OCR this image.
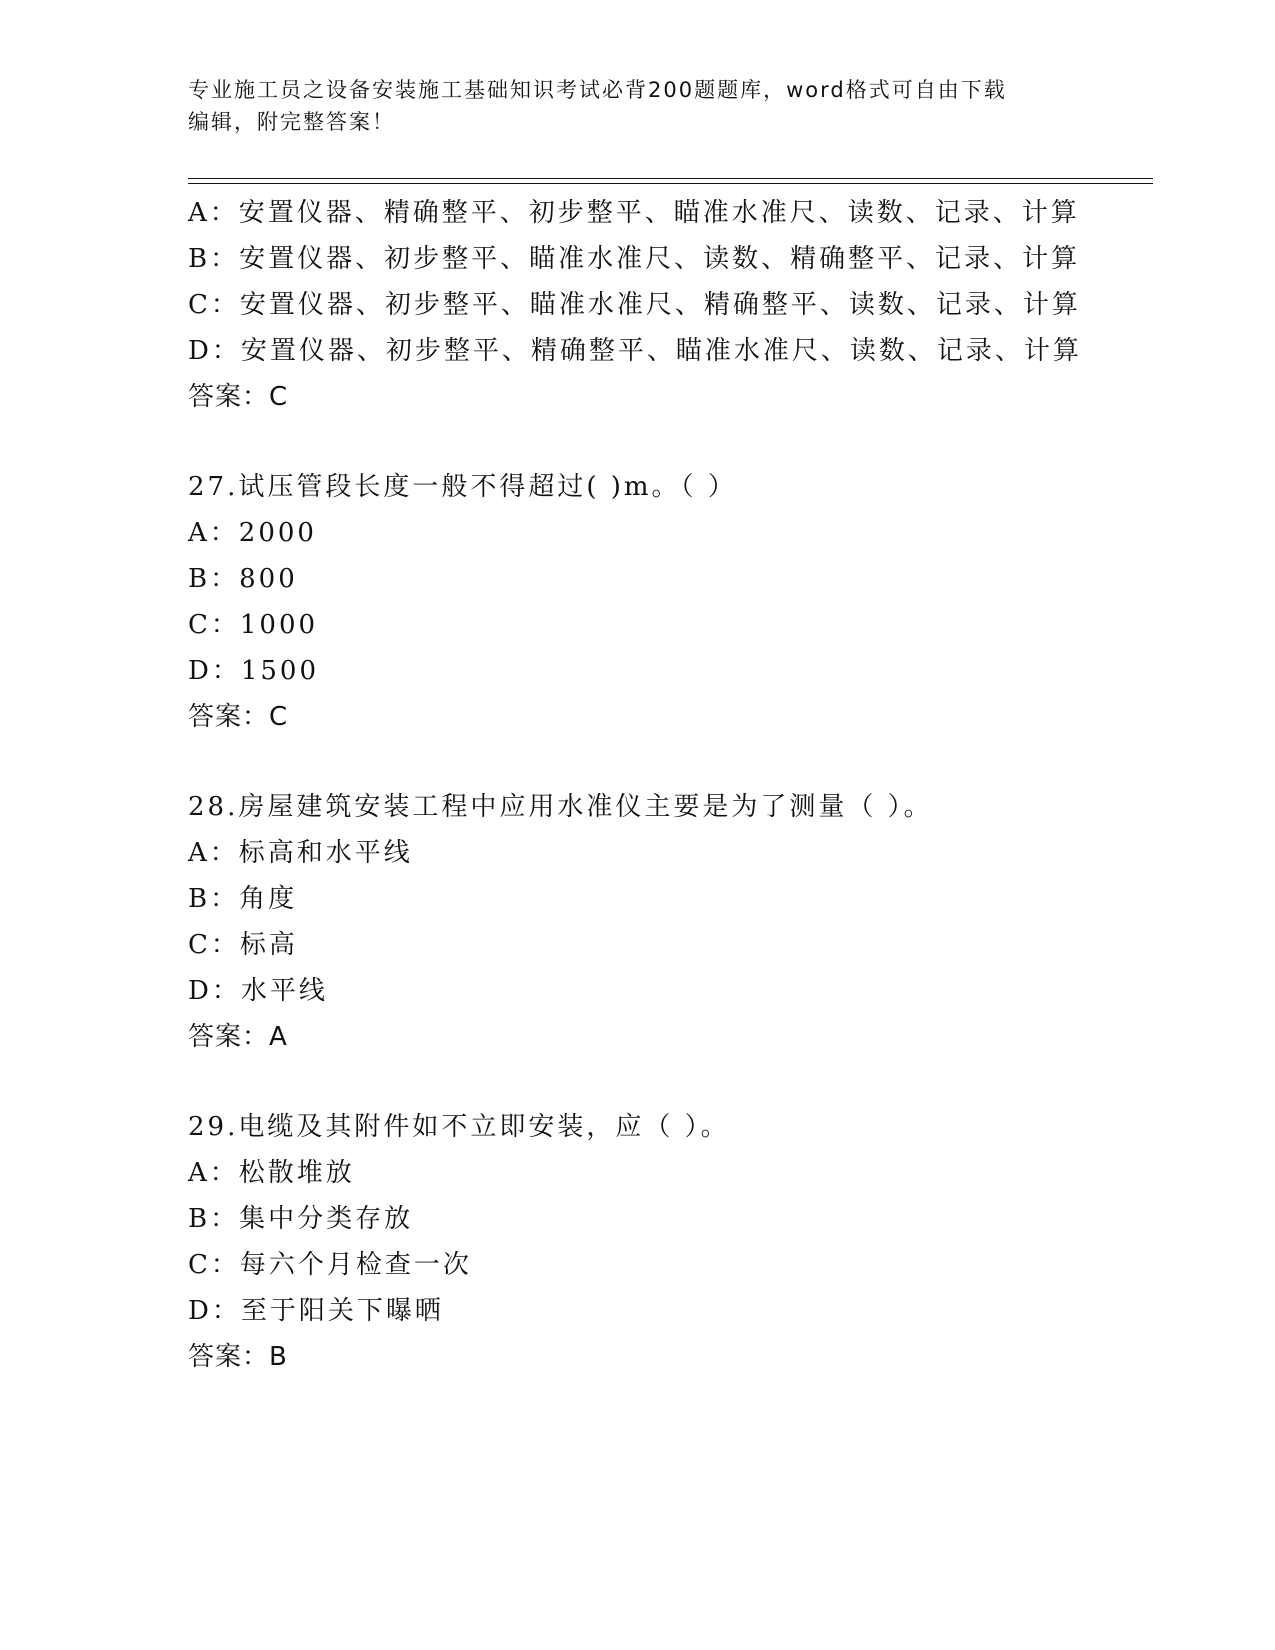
专业施工员之设备安装施工基础知识考试必背200题题库，word格式可自由下载
编辑，附完整答案！
A：安置仪器、精确整平、初步整平、瞄准水准尺、读数、记录、计算
B：安置仪器、初步整平、瞄准水准尺、读数、精确整平、记录、计算
C：安置仪器、初步整平、瞄准水准尺、精确整平、读数、记录、计算
D：安置仪器、初步整平、精确整平、瞄准水准尺、读数、记录、计算
答案：C
27.试压管段长度一般不得超过( )m。（ ）
A：2000
B：800
C：1000
D：1500
答案：C
28.房屋建筑安装工程中应用水准仪主要是为了测量（ ）。
A：标高和水平线
B：角度
C：标高
D：水平线
答案：A
29.电缆及其附件如不立即安装，应（ ）。
A：松散堆放
B：集中分类存放
C：每六个月检查一次
D：至于阳关下曝晒
答案：B
